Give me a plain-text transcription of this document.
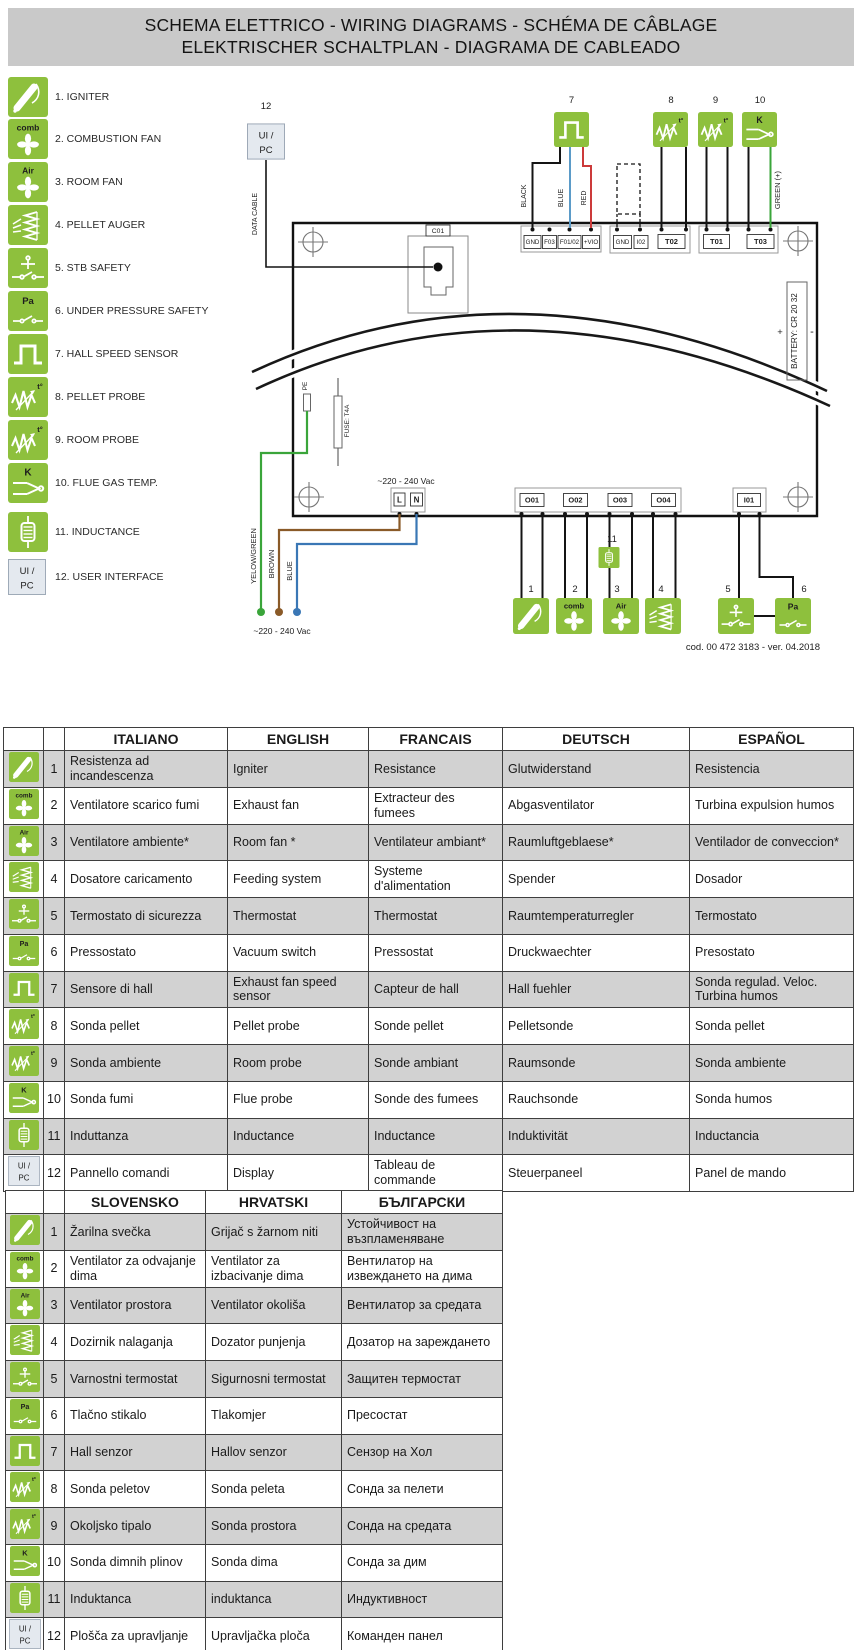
SCHEMA ELETTRICO - WIRING DIAGRAMS - SCHÉMA DE CÂBLAGE
ELEKTRISCHER SCHALTPLAN - DIAGRAMA DE CABLEADO
C01
12
DATA CABLE
GND F03 F01/02 +VIO	GND I02	T02	T01	T03
BLACK	BLUE RED	GREEN (+)
7	8	9	10
BATTERY: CR 20 32
+ -
PE
FUSE: T4A
~220 - 240 Vac
L N
YELOW/GREEN BROWN BLUE
~220 - 240 Vac
O01	O02	O03	O04	I01
1	2	3	4	5	6
11
cod. 00 472 3183 - ver. 04.2018
1. IGNITER
comb
2. COMBUSTION FAN
Air
3. ROOM FAN
4. PELLET AUGER
5. STB SAFETY
Pa
6. UNDER PRESSURE SAFETY
7. HALL SPEED SENSOR
t°
8. PELLET PROBE
t°
9. ROOM PROBE
K
10. FLUE GAS TEMP.
11. INDUCTANCE
UI /
PC
12. USER INTERFACE
UI /
PC
t°	t°	K
comb	Air	Pa
		ITALIANO	ENGLISH	FRANCAIS	DEUTSCH	ESPAÑOL
	1	Resistenza ad incandescenza	Igniter	Resistance	Glutwiderstand	Resistencia

comb	2	Ventilatore scarico fumi	Exhaust fan	Extracteur des fumees	Abgasventilator	Turbina expulsion humos

Air	3	Ventilatore ambiente*	Room fan *	Ventilateur ambiant*	Raumluftgeblaese*	Ventilador de conveccion*
	4	Dosatore caricamento	Feeding system	Systeme d'alimentation	Spender	Dosador
	5	Termostato di sicurezza	Thermostat	Thermostat	Raumtemperaturregler	Termostato

Pa	6	Pressostato	Vacuum switch	Pressostat	Druckwaechter	Presostato
	7	Sensore di hall	Exhaust fan speed sensor	Capteur de hall	Hall fuehler	Sonda regulad. Veloc. Turbina humos

t°	8	Sonda pellet	Pellet probe	Sonde pellet	Pelletsonde	Sonda pellet

t°	9	Sonda ambiente	Room probe	Sonde ambiant	Raumsonde	Sonda ambiente

K	10	Sonda fumi	Flue probe	Sonde des fumees	Rauchsonde	Sonda humos
	11	Induttanza	Inductance	Inductance	Induktivität	Inductancia

UI /
PC	12	Pannello comandi	Display	Tableau de commande	Steuerpaneel	Panel de mando
		SLOVENSKO	HRVATSKI	БЪЛГАРСКИ
	1	Žarilna svečka	Grijač s žarnom niti	Устойчивост на възпламеняване

comb	2	Ventilator za odvajanje dima	Ventilator za izbacivanje dima	Вентилатор на извеждането на дима

Air	3	Ventilator prostora	Ventilator okoliša	Вентилатор за средата
	4	Dozirnik nalaganja	Dozator punjenja	Дозатор на зареждането
	5	Varnostni termostat	Sigurnosni termostat	Защитен термостат

Pa	6	Tlačno stikalo	Tlakomjer	Пресостат
	7	Hall senzor	Hallov senzor	Сензор на Хол

t°	8	Sonda peletov	Sonda peleta	Сонда за пелети

t°	9	Okoljsko tipalo	Sonda prostora	Сонда на средата

K	10	Sonda dimnih plinov	Sonda dima	Сонда за дим
	11	Induktanca	induktanca	Индуктивност

UI /
PC	12	Plošča za upravljanje	Upravljačka ploča	Команден панел
